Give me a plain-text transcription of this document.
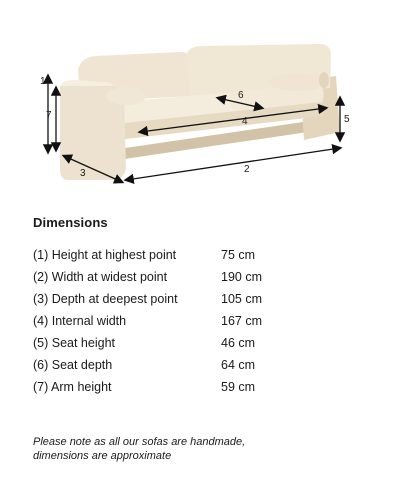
1
7
3	2
4
6
5
Dimensions
(1) Height at highest point	75 cm
(2) Width at widest point	190 cm
(3) Depth at deepest point	105 cm
(4) Internal width	167 cm
(5) Seat height	46 cm
(6) Seat depth	64 cm
(7) Arm height	59 cm
Please note as all our sofas are handmade,
dimensions are approximate
